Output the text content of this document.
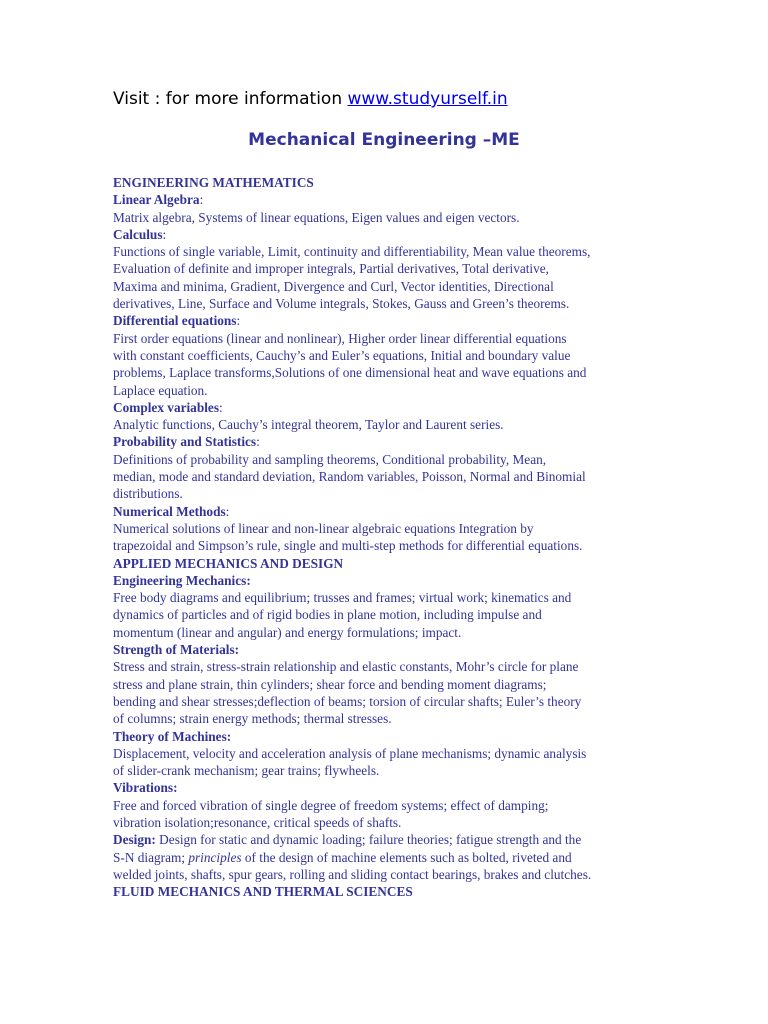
Visit : for more information www.studyurself.in
Mechanical Engineering –ME

ENGINEERING MATHEMATICS

Linear Algebra:

Matrix algebra, Systems of linear equations, Eigen values and eigen vectors.

Calculus:

Functions of single variable, Limit, continuity and differentiability, Mean value theorems,

Evaluation of definite and improper integrals, Partial derivatives, Total derivative,

Maxima and minima, Gradient, Divergence and Curl, Vector identities, Directional

derivatives, Line, Surface and Volume integrals, Stokes, Gauss and Green’s theorems.

Differential equations:

First order equations (linear and nonlinear), Higher order linear differential equations

with constant coefficients, Cauchy’s and Euler’s equations, Initial and boundary value

problems, Laplace transforms,Solutions of one dimensional heat and wave equations and

Laplace equation.

Complex variables:

Analytic functions, Cauchy’s integral theorem, Taylor and Laurent series.

Probability and Statistics:

Definitions of probability and sampling theorems, Conditional probability, Mean,

median, mode and standard deviation, Random variables, Poisson, Normal and Binomial

distributions.

Numerical Methods:

Numerical solutions of linear and non-linear algebraic equations Integration by

trapezoidal and Simpson’s rule, single and multi-step methods for differential equations.

APPLIED MECHANICS AND DESIGN

Engineering Mechanics:

Free body diagrams and equilibrium; trusses and frames; virtual work; kinematics and

dynamics of particles and of rigid bodies in plane motion, including impulse and

momentum (linear and angular) and energy formulations; impact.

Strength of Materials:

Stress and strain, stress-strain relationship and elastic constants, Mohr’s circle for plane

stress and plane strain, thin cylinders; shear force and bending moment diagrams;

bending and shear stresses;deflection of beams; torsion of circular shafts; Euler’s theory

of columns; strain energy methods; thermal stresses.

Theory of Machines:

Displacement, velocity and acceleration analysis of plane mechanisms; dynamic analysis

of slider-crank mechanism; gear trains; flywheels.

Vibrations:

Free and forced vibration of single degree of freedom systems; effect of damping;

vibration isolation;resonance, critical speeds of shafts.

Design: Design for static and dynamic loading; failure theories; fatigue strength and the

S-N diagram; principles of the design of machine elements such as bolted, riveted and

welded joints, shafts, spur gears, rolling and sliding contact bearings, brakes and clutches.

FLUID MECHANICS AND THERMAL SCIENCES
